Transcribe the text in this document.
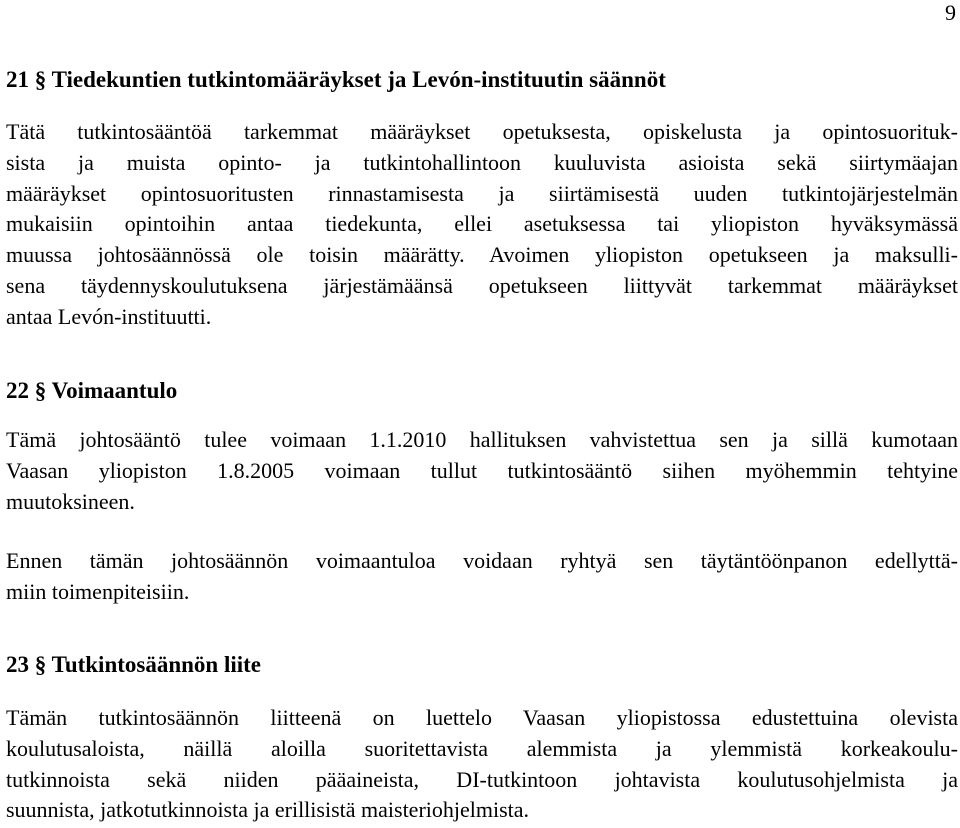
9
21 § Tiedekuntien tutkintomääräykset ja Levón-instituutin säännöt
Tätä tutkintosääntöä tarkemmat määräykset opetuksesta, opiskelusta ja opintosuorituk-
sista ja muista opinto- ja tutkintohallintoon kuuluvista asioista sekä siirtymäajan
määräykset opintosuoritusten rinnastamisesta ja siirtämisestä uuden tutkintojärjestelmän
mukaisiin opintoihin antaa tiedekunta, ellei asetuksessa tai yliopiston hyväksymässä
muussa johtosäännössä ole toisin määrätty. Avoimen yliopiston opetukseen ja maksulli-
sena täydennyskoulutuksena järjestämäänsä opetukseen liittyvät tarkemmat määräykset
antaa Levón-instituutti.
22 § Voimaantulo
Tämä johtosääntö tulee voimaan 1.1.2010 hallituksen vahvistettua sen ja sillä kumotaan
Vaasan yliopiston 1.8.2005 voimaan tullut tutkintosääntö siihen myöhemmin tehtyine
muutoksineen.
Ennen tämän johtosäännön voimaantuloa voidaan ryhtyä sen täytäntöönpanon edellyttä-
miin toimenpiteisiin.
23 § Tutkintosäännön liite
Tämän tutkintosäännön liitteenä on luettelo Vaasan yliopistossa edustettuina olevista
koulutusaloista, näillä aloilla suoritettavista alemmista ja ylemmistä korkeakoulu-
tutkinnoista sekä niiden pääaineista, DI-tutkintoon johtavista koulutusohjelmista ja
suunnista, jatkotutkinnoista ja erillisistä maisteriohjelmista.
